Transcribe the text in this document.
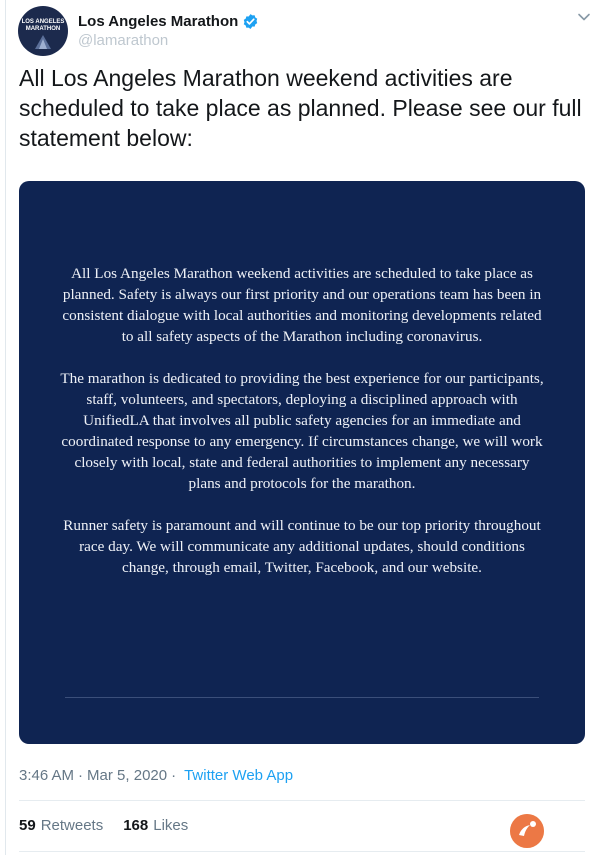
LOS ANGELES MARATHON	Los Angeles Marathon
@lamarathon

All Los Angeles Marathon weekend activities are scheduled to take place as planned. Please see our full statement below:

All Los Angeles Marathon weekend activities are scheduled to take place as planned. Safety is always our first priority and our operations team has been in consistent dialogue with local authorities and monitoring developments related to all safety aspects of the Marathon including coronavirus.

The marathon is dedicated to providing the best experience for our participants, staff, volunteers, and spectators, deploying a disciplined approach with UnifiedLA that involves all public safety agencies for an immediate and coordinated response to any emergency. If circumstances change, we will work closely with local, state and federal authorities to implement any necessary plans and protocols for the marathon.

Runner safety is paramount and will continue to be our top priority throughout race day. We will communicate any additional updates, should conditions change, through email, Twitter, Facebook, and our website.

3:46 AM · Mar 5, 2020 · Twitter Web App
59 Retweets 168 Likes
